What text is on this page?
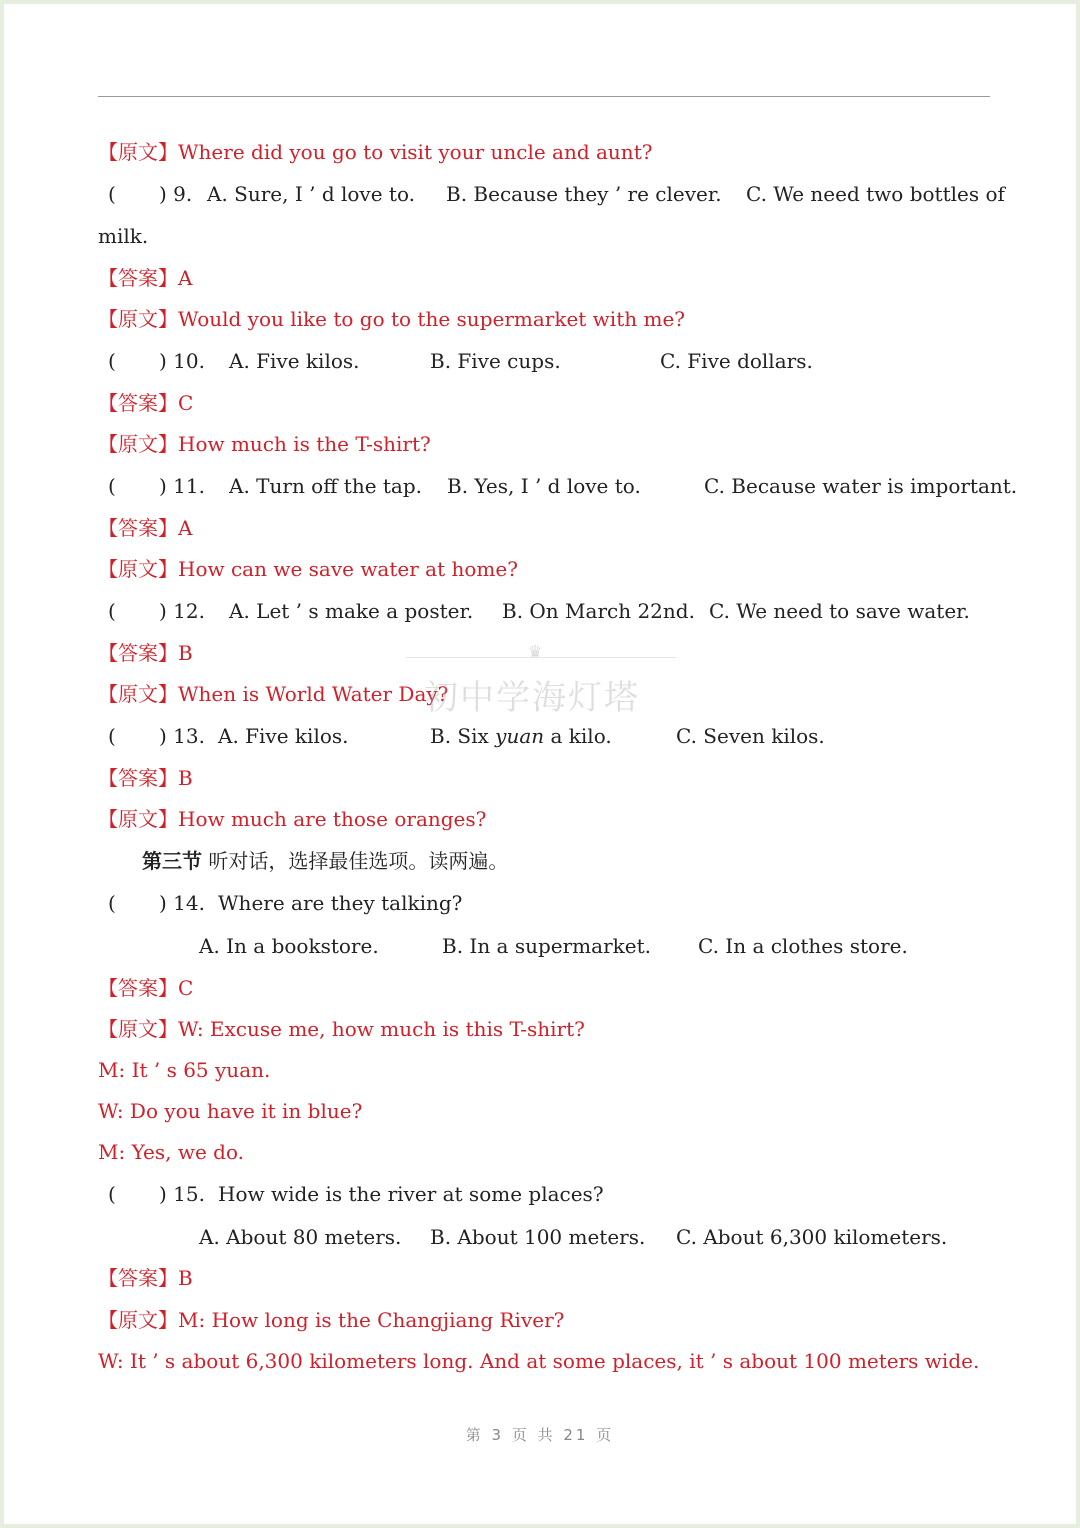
【原文】Where did you go to visit your uncle and aunt?
( ) 9. A. Sure, I ’ d love to. B. Because they ’ re clever. C. We need two bottles of
milk.
【答案】A
【原文】Would you like to go to the supermarket with me?
( ) 10. A. Five kilos.	B. Five cups.	C. Five dollars.
【答案】C
【原文】How much is the T-shirt?
( ) 11. A. Turn off the tap. B. Yes, I ’ d love to.	C. Because water is important.
【答案】A
【原文】How can we save water at home?
( ) 12. A. Let ’ s make a poster. B. On March 22nd. C. We need to save water.
【答案】B
【原文】When is World Water Day?
( ) 13. A. Five kilos.	B. Six yuan a kilo.	C. Seven kilos.
【答案】B
【原文】How much are those oranges?
第三节 听对话，选择最佳选项。读两遍。
( ) 14. Where are they talking?
A. In a bookstore.	B. In a supermarket. C. In a clothes store.
【答案】C
【原文】W: Excuse me, how much is this T-shirt?
M: It ’ s 65 yuan.
W: Do you have it in blue?
M: Yes, we do.
( ) 15. How wide is the river at some places?
A. About 80 meters. B. About 100 meters. C. About 6,300 kilometers.
【答案】B
【原文】M: How long is the Changjiang River?
W: It ’ s about 6,300 kilometers long. And at some places, it ’ s about 100 meters wide.
♛
初中学海灯塔
第 3 页 共 21 页
